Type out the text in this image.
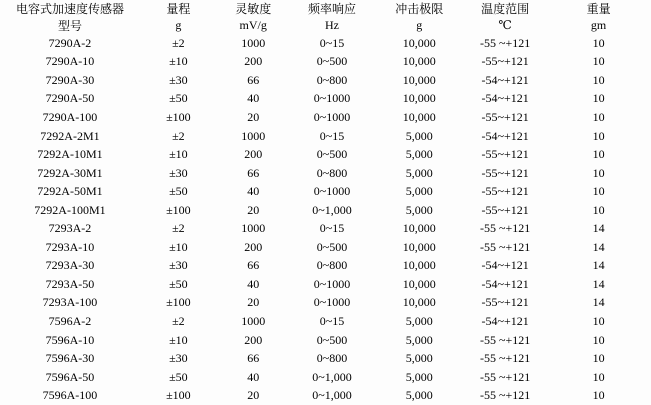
电容式加速度传感器	量程	灵敏度	频率响应	冲击极限	温度范围	重量
型号	g	mV/g	Hz	g	℃	gm
7290A-2	±2	1000	0~15	10,000	-55 ~+121	10
7290A-10	±10	200	0~500	10,000	-55~+121	10
7290A-30	±30	66	0~800	10,000	-54~+121	10
7290A-50	±50	40	0~1000	10,000	-54~+121	10
7290A-100	±100	20	0~1000	10,000	-55~+121	10
7292A-2M1	±2	1000	0~15	5,000	-54~+121	10
7292A-10M1	±10	200	0~500	5,000	-55~+121	10
7292A-30M1	±30	66	0~800	5,000	-55~+121	10
7292A-50M1	±50	40	0~1000	5,000	-55~+121	10
7292A-100M1	±100	20	0~1,000	5,000	-55~+121	10
7293A-2	±2	1000	0~15	10,000	-55 ~+121	14
7293A-10	±10	200	0~500	10,000	-55 ~+121	14
7293A-30	±30	66	0~800	10,000	-54~+121	14
7293A-50	±50	40	0~1000	10,000	-54~+121	14
7293A-100	±100	20	0~1000	10,000	-55~+121	14
7596A-2	±2	1000	0~15	5,000	-54~+121	10
7596A-10	±10	200	0~500	5,000	-55 ~+121	10
7596A-30	±30	66	0~800	5,000	-55 ~+121	10
7596A-50	±50	40	0~1,000	5,000	-55 ~+121	10
7596A-100	±100	20	0~1,000	5,000	-55 ~+121	10
